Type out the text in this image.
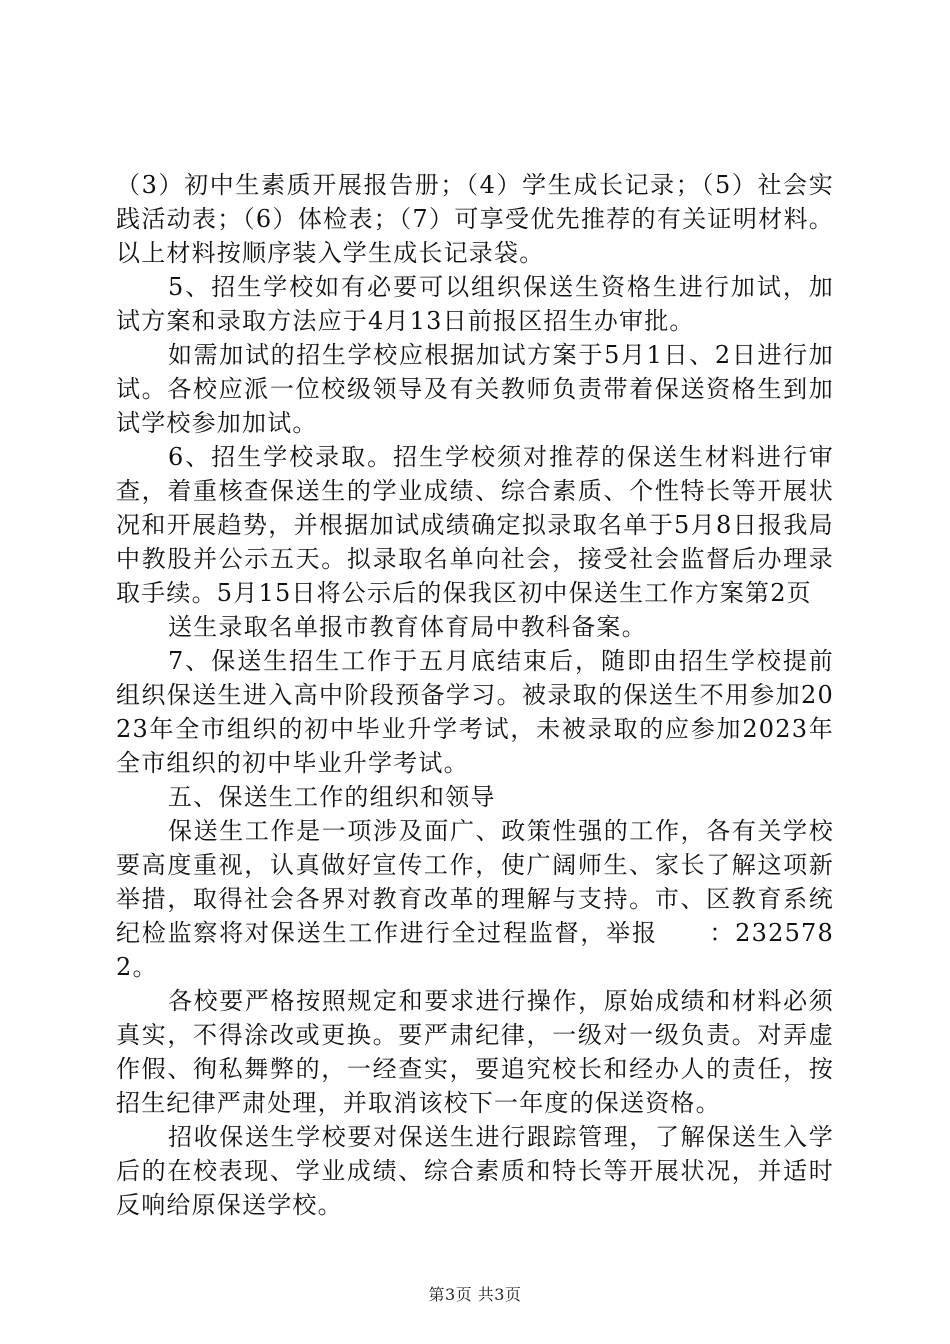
（3）初中生素质开展报告册；（4）学生成长记录；（5）社会实践活动表；（6）体检表；（7）可享受优先推荐的有关证明材料。以上材料按顺序装入学生成长记录袋。

5、招生学校如有必要可以组织保送生资格生进行加试，加试方案和录取方法应于4月13日前报区招生办审批。

如需加试的招生学校应根据加试方案于5月1日、2日进行加试。各校应派一位校级领导及有关教师负责带着保送资格生到加试学校参加加试。

6、招生学校录取。招生学校须对推荐的保送生材料进行审查，着重核查保送生的学业成绩、综合素质、个性特长等开展状况和开展趋势，并根据加试成绩确定拟录取名单于5月8日报我局中教股并公示五天。拟录取名单向社会，接受社会监督后办理录取手续。5月15日将公示后的保我区初中保送生工作方案第2页

送生录取名单报市教育体育局中教科备案。

7、保送生招生工作于五月底结束后，随即由招生学校提前组织保送生进入高中阶段预备学习。被录取的保送生不用参加2023年全市组织的初中毕业升学考试，未被录取的应参加2023年全市组织的初中毕业升学考试。

五、保送生工作的组织和领导

保送生工作是一项涉及面广、政策性强的工作，各有关学校要高度重视，认真做好宣传工作，使广阔师生、家长了解这项新举措，取得社会各界对教育改革的理解与支持。市、区教育系统纪检监察将对保送生工作进行全过程监督，举报　　：2325782。

各校要严格按照规定和要求进行操作，原始成绩和材料必须真实，不得涂改或更换。要严肃纪律，一级对一级负责。对弄虚作假、徇私舞弊的，一经查实，要追究校长和经办人的责任，按招生纪律严肃处理，并取消该校下一年度的保送资格。

招收保送生学校要对保送生进行跟踪管理，了解保送生入学后的在校表现、学业成绩、综合素质和特长等开展状况，并适时反响给原保送学校。

第3页 共3页
